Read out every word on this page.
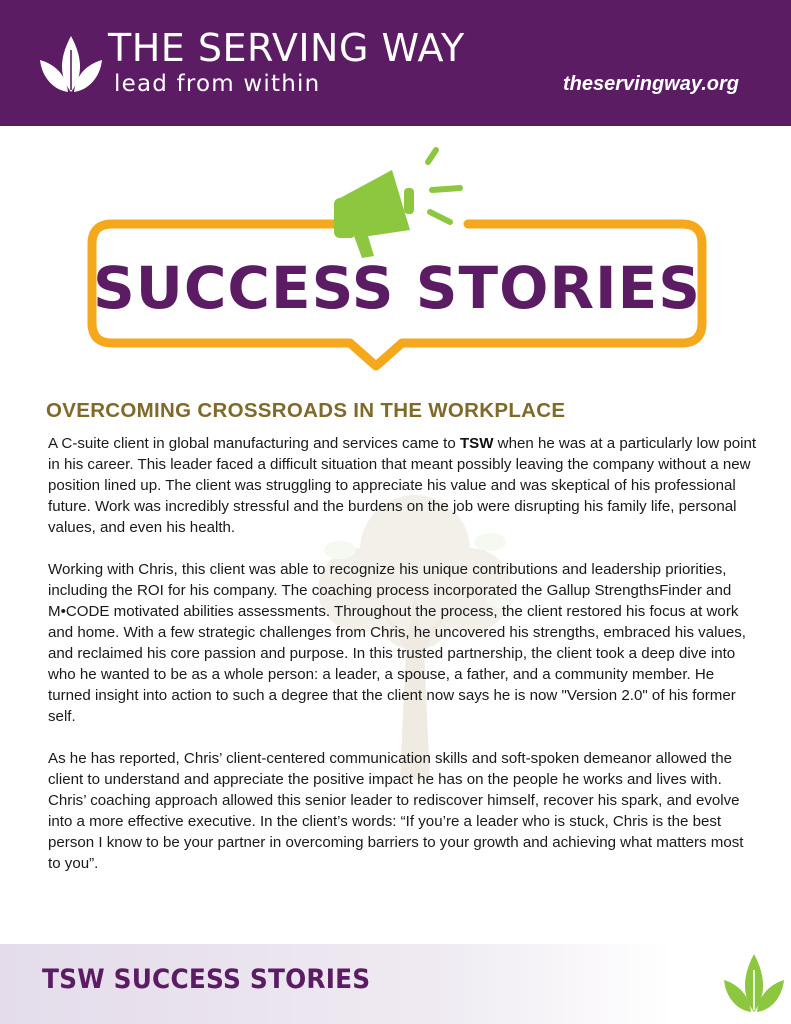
THE SERVING WAY
lead from within	theservingway.org
SUCCESS STORIES
OVERCOMING CROSSROADS IN THE WORKPLACE

A C-suite client in global manufacturing and services came to TSW when he was at a particularly low point in his career. This leader faced a difficult situation that meant possibly leaving the company without a new position lined up. The client was struggling to appreciate his value and was skeptical of his professional future. Work was incredibly stressful and the burdens on the job were disrupting his family life, personal values, and even his health.

Working with Chris, this client was able to recognize his unique contributions and leadership priorities, including the ROI for his company. The coaching process incorporated the Gallup StrengthsFinder and M•CODE motivated abilities assessments. Throughout the process, the client restored his focus at work and home. With a few strategic challenges from Chris, he uncovered his strengths, embraced his values, and reclaimed his core passion and purpose. In this trusted partnership, the client took a deep dive into who he wanted to be as a whole person: a leader, a spouse, a father, and a community member. He turned insight into action to such a degree that the client now says he is now "Version 2.0" of his former self.

As he has reported, Chris’ client-centered communication skills and soft-spoken demeanor allowed the client to understand and appreciate the positive impact he has on the people he works and lives with. Chris’ coaching approach allowed this senior leader to rediscover himself, recover his spark, and evolve into a more effective executive. In the client’s words: “If you’re a leader who is stuck, Chris is the best person I know to be your partner in overcoming barriers to your growth and achieving what matters most to you”.

TSW SUCCESS STORIES
